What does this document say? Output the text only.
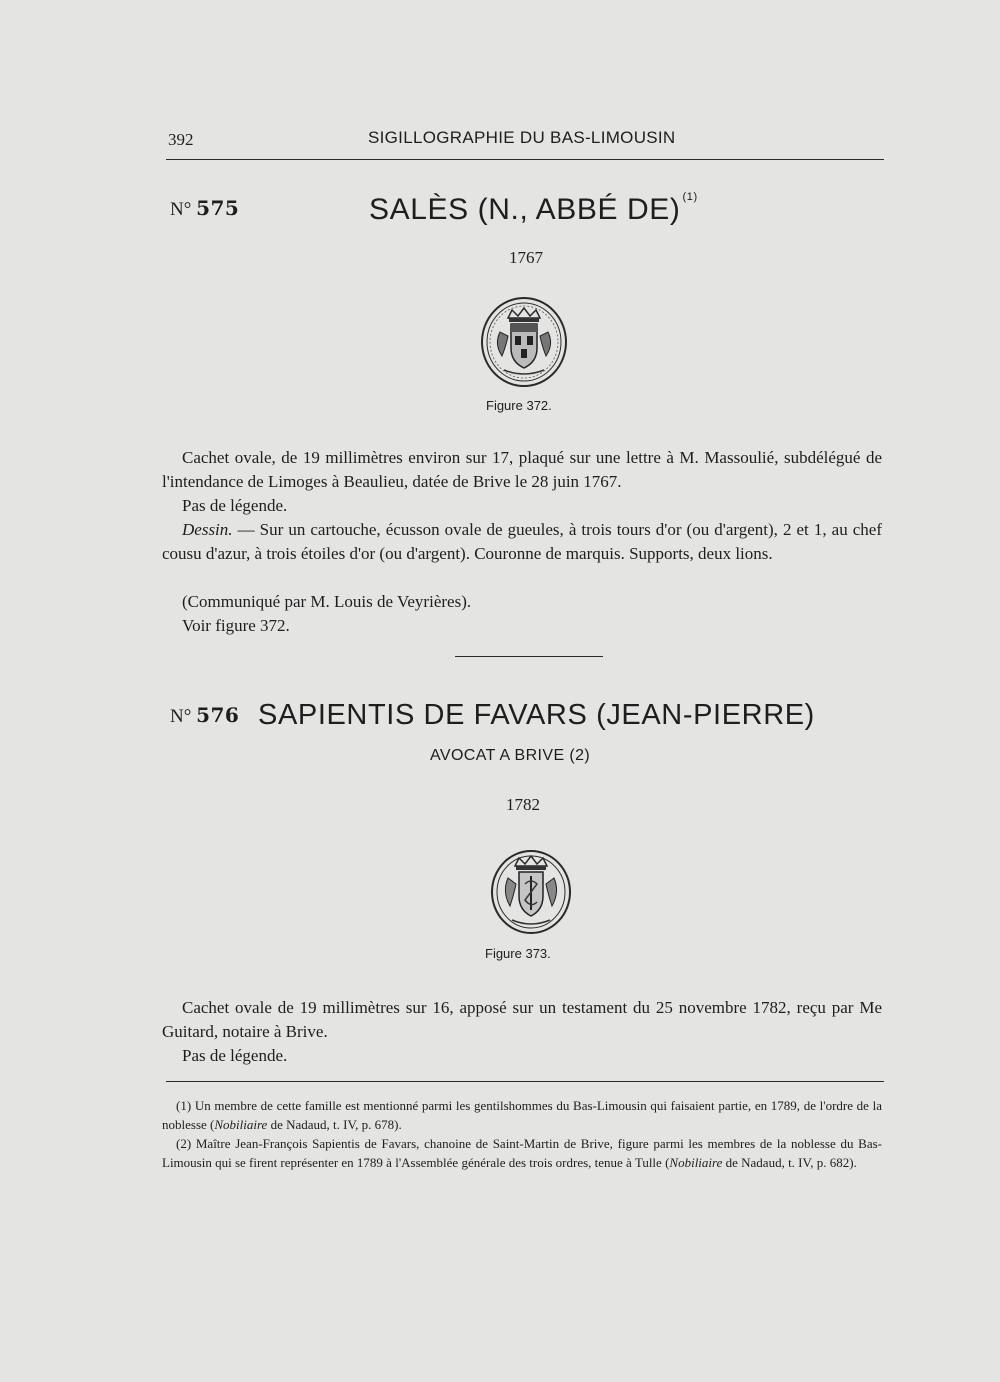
392	SIGILLOGRAPHIE DU BAS-LIMOUSIN
N° 575	SALÈS (N., ABBÉ DE) $^{(1)}$
1767
Figure 372.
Cachet ovale, de 19 millimètres environ sur 17, plaqué sur une lettre à M. Massoulié, subdélégué de l'intendance de Limoges à Beaulieu, datée de Brive le 28 juin 1767.
Pas de légende.
Dessin. — Sur un cartouche, écusson ovale de gueules, à trois tours d'or (ou d'argent), 2 et 1, au chef cousu d'azur, à trois étoiles d'or (ou d'argent). Couronne de marquis. Supports, deux lions.
(Communiqué par M. Louis de Veyrières).
Voir figure 372.
N° 576 SAPIENTIS DE FAVARS (JEAN-PIERRE)
AVOCAT A BRIVE (2)
1782
Figure 373.
Cachet ovale de 19 millimètres sur 16, apposé sur un testament du 25 novembre 1782, reçu par Me Guitard, notaire à Brive.
Pas de légende.
(1) Un membre de cette famille est mentionné parmi les gentilshommes du Bas-Limousin qui faisaient partie, en 1789, de l'ordre de la noblesse (Nobiliaire de Nadaud, t. IV, p. 678).
(2) Maître Jean-François Sapientis de Favars, chanoine de Saint-Martin de Brive, figure parmi les membres de la noblesse du Bas-Limousin qui se firent représenter en 1789 à l'Assemblée générale des trois ordres, tenue à Tulle (Nobiliaire de Nadaud, t. IV, p. 682).
